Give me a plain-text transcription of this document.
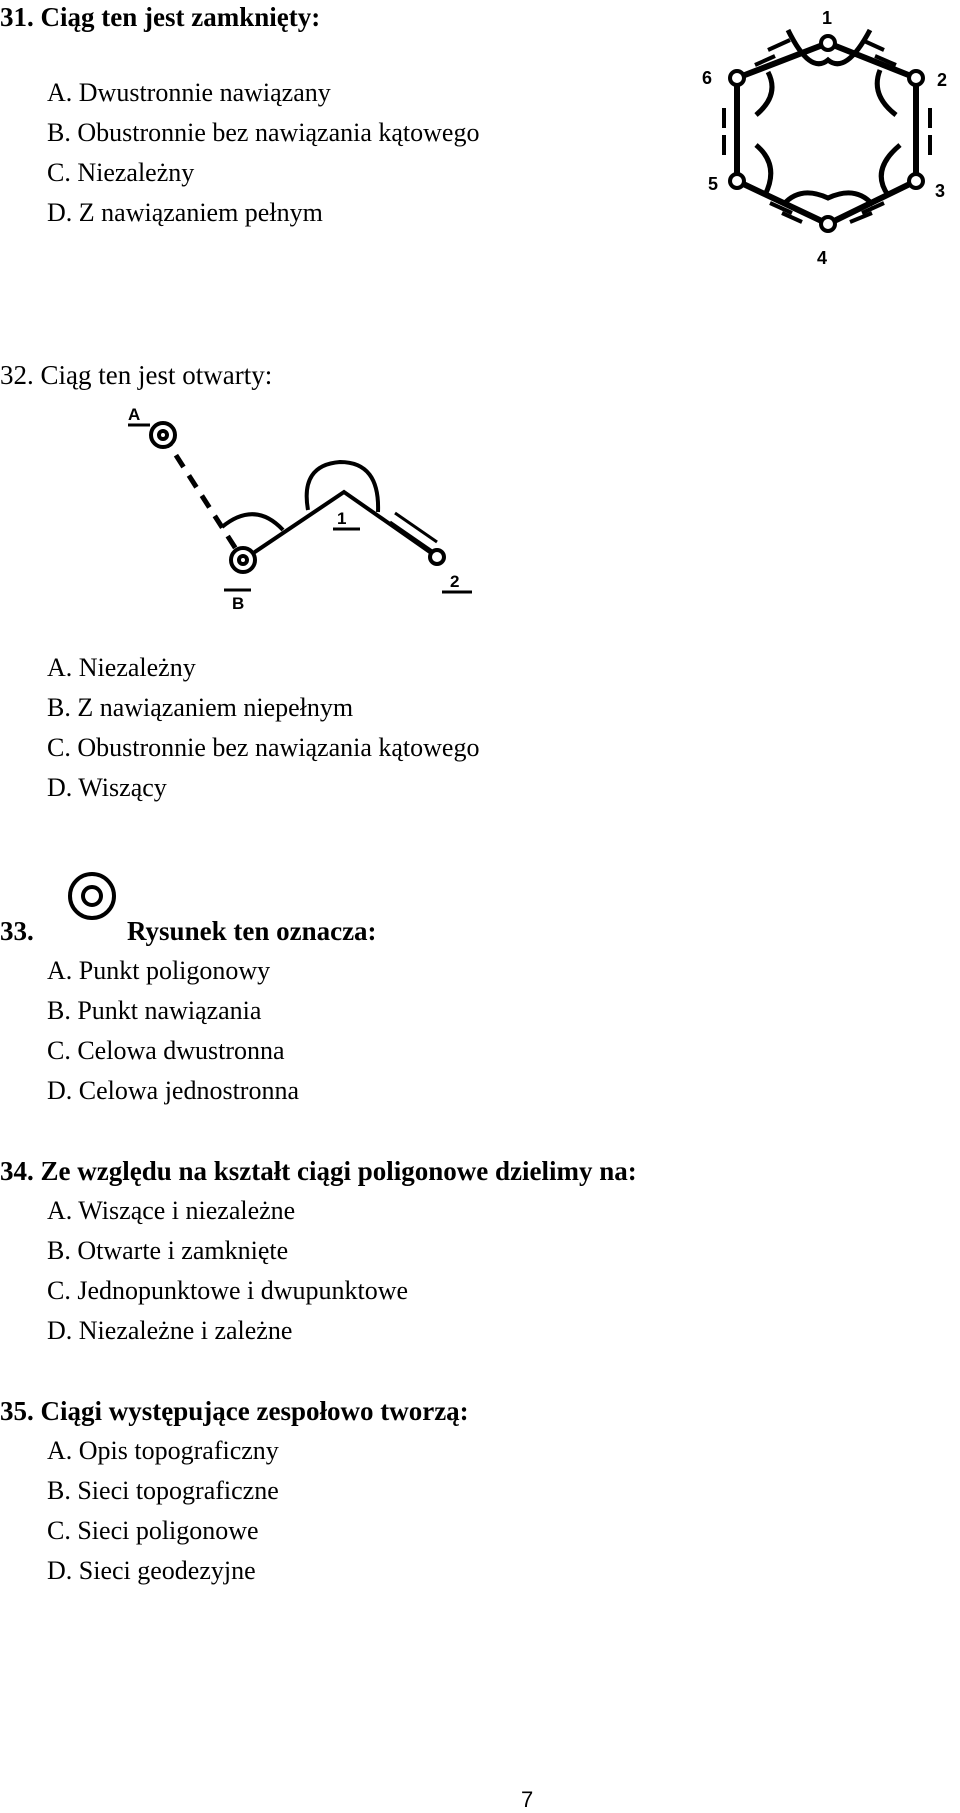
31. Ciąg ten jest zamknięty:
A. Dwustronnie nawiązany
B. Obustronnie bez nawiązania kątowego
C. Niezależny
D. Z nawiązaniem pełnym
1
2
3
4
5
6
32. Ciąg ten jest otwarty:
A
B
1
2
A. Niezależny
B. Z nawiązaniem niepełnym
C. Obustronnie bez nawiązania kątowego
D. Wiszący
33.	Rysunek ten oznacza:
A. Punkt poligonowy
B. Punkt nawiązania
C. Celowa dwustronna
D. Celowa jednostronna
34. Ze względu na kształt ciągi poligonowe dzielimy na:
A. Wiszące i niezależne
B. Otwarte i zamknięte
C. Jednopunktowe i dwupunktowe
D. Niezależne i zależne
35. Ciągi występujące zespołowo tworzą:
A. Opis topograficzny
B. Sieci topograficzne
C. Sieci poligonowe
D. Sieci geodezyjne
7
